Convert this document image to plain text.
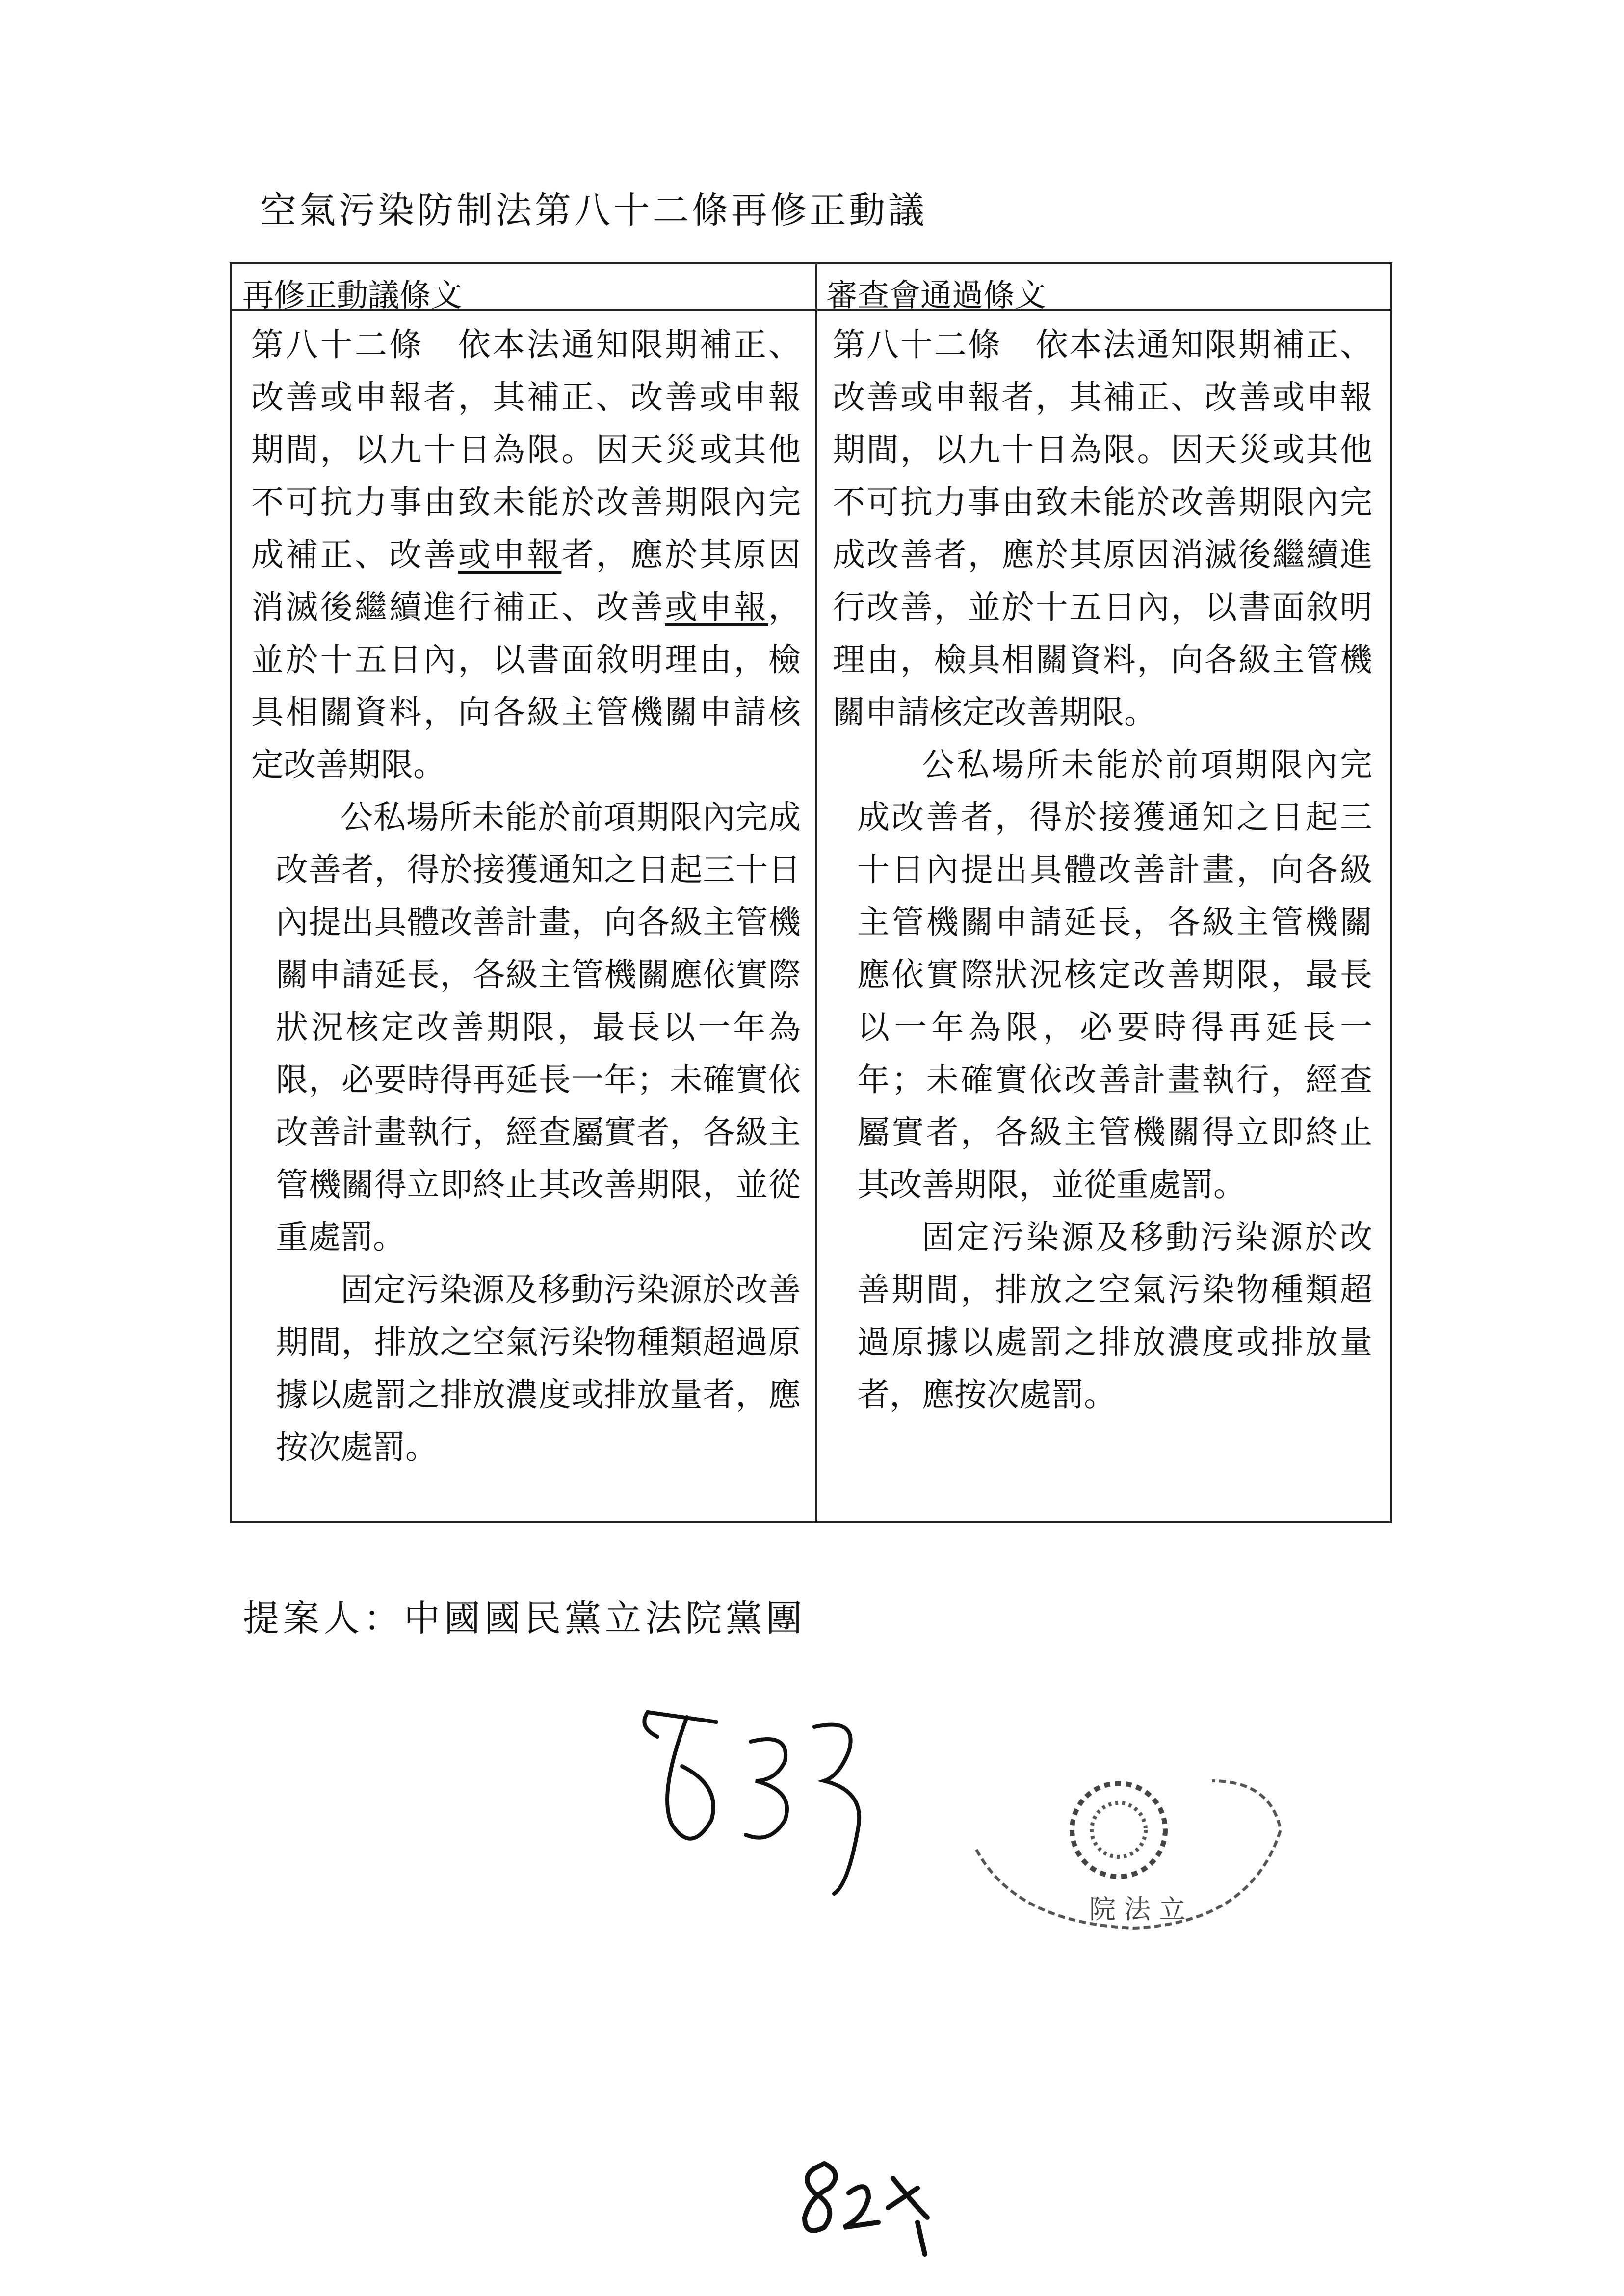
空氣污染防制法第八十二條再修正動議
再修正動議條文	審查會通過條文

第八十二條　依本法通知限期補正、改善或申報者，其補正、改善或申報期間，以九十日為限。因天災或其他不可抗力事由致未能於改善期限內完成補正、改善或申報者，應於其原因消滅後繼續進行補正、改善或申報，並於十五日內，以書面敘明理由，檢具相關資料，向各級主管機關申請核定改善期限。

公私場所未能於前項期限內完成改善者，得於接獲通知之日起三十日內提出具體改善計畫，向各級主管機關申請延長，各級主管機關應依實際狀況核定改善期限，最長以一年為限，必要時得再延長一年；未確實依改善計畫執行，經查屬實者，各級主管機關得立即終止其改善期限，並從重處罰。

固定污染源及移動污染源於改善期間，排放之空氣污染物種類超過原據以處罰之排放濃度或排放量者，應按次處罰。

第八十二條　依本法通知限期補正、改善或申報者，其補正、改善或申報期間，以九十日為限。因天災或其他不可抗力事由致未能於改善期限內完成改善者，應於其原因消滅後繼續進行改善，並於十五日內，以書面敘明理由，檢具相關資料，向各級主管機關申請核定改善期限。

公私場所未能於前項期限內完成改善者，得於接獲通知之日起三十日內提出具體改善計畫，向各級主管機關申請延長，各級主管機關應依實際狀況核定改善期限，最長以一年為限，必要時得再延長一年；未確實依改善計畫執行，經查屬實者，各級主管機關得立即終止其改善期限，並從重處罰。

固定污染源及移動污染源於改善期間，排放之空氣污染物種類超過原據以處罰之排放濃度或排放量者，應按次處罰。

提案人：中國國民黨立法院黨團
院 法 立
